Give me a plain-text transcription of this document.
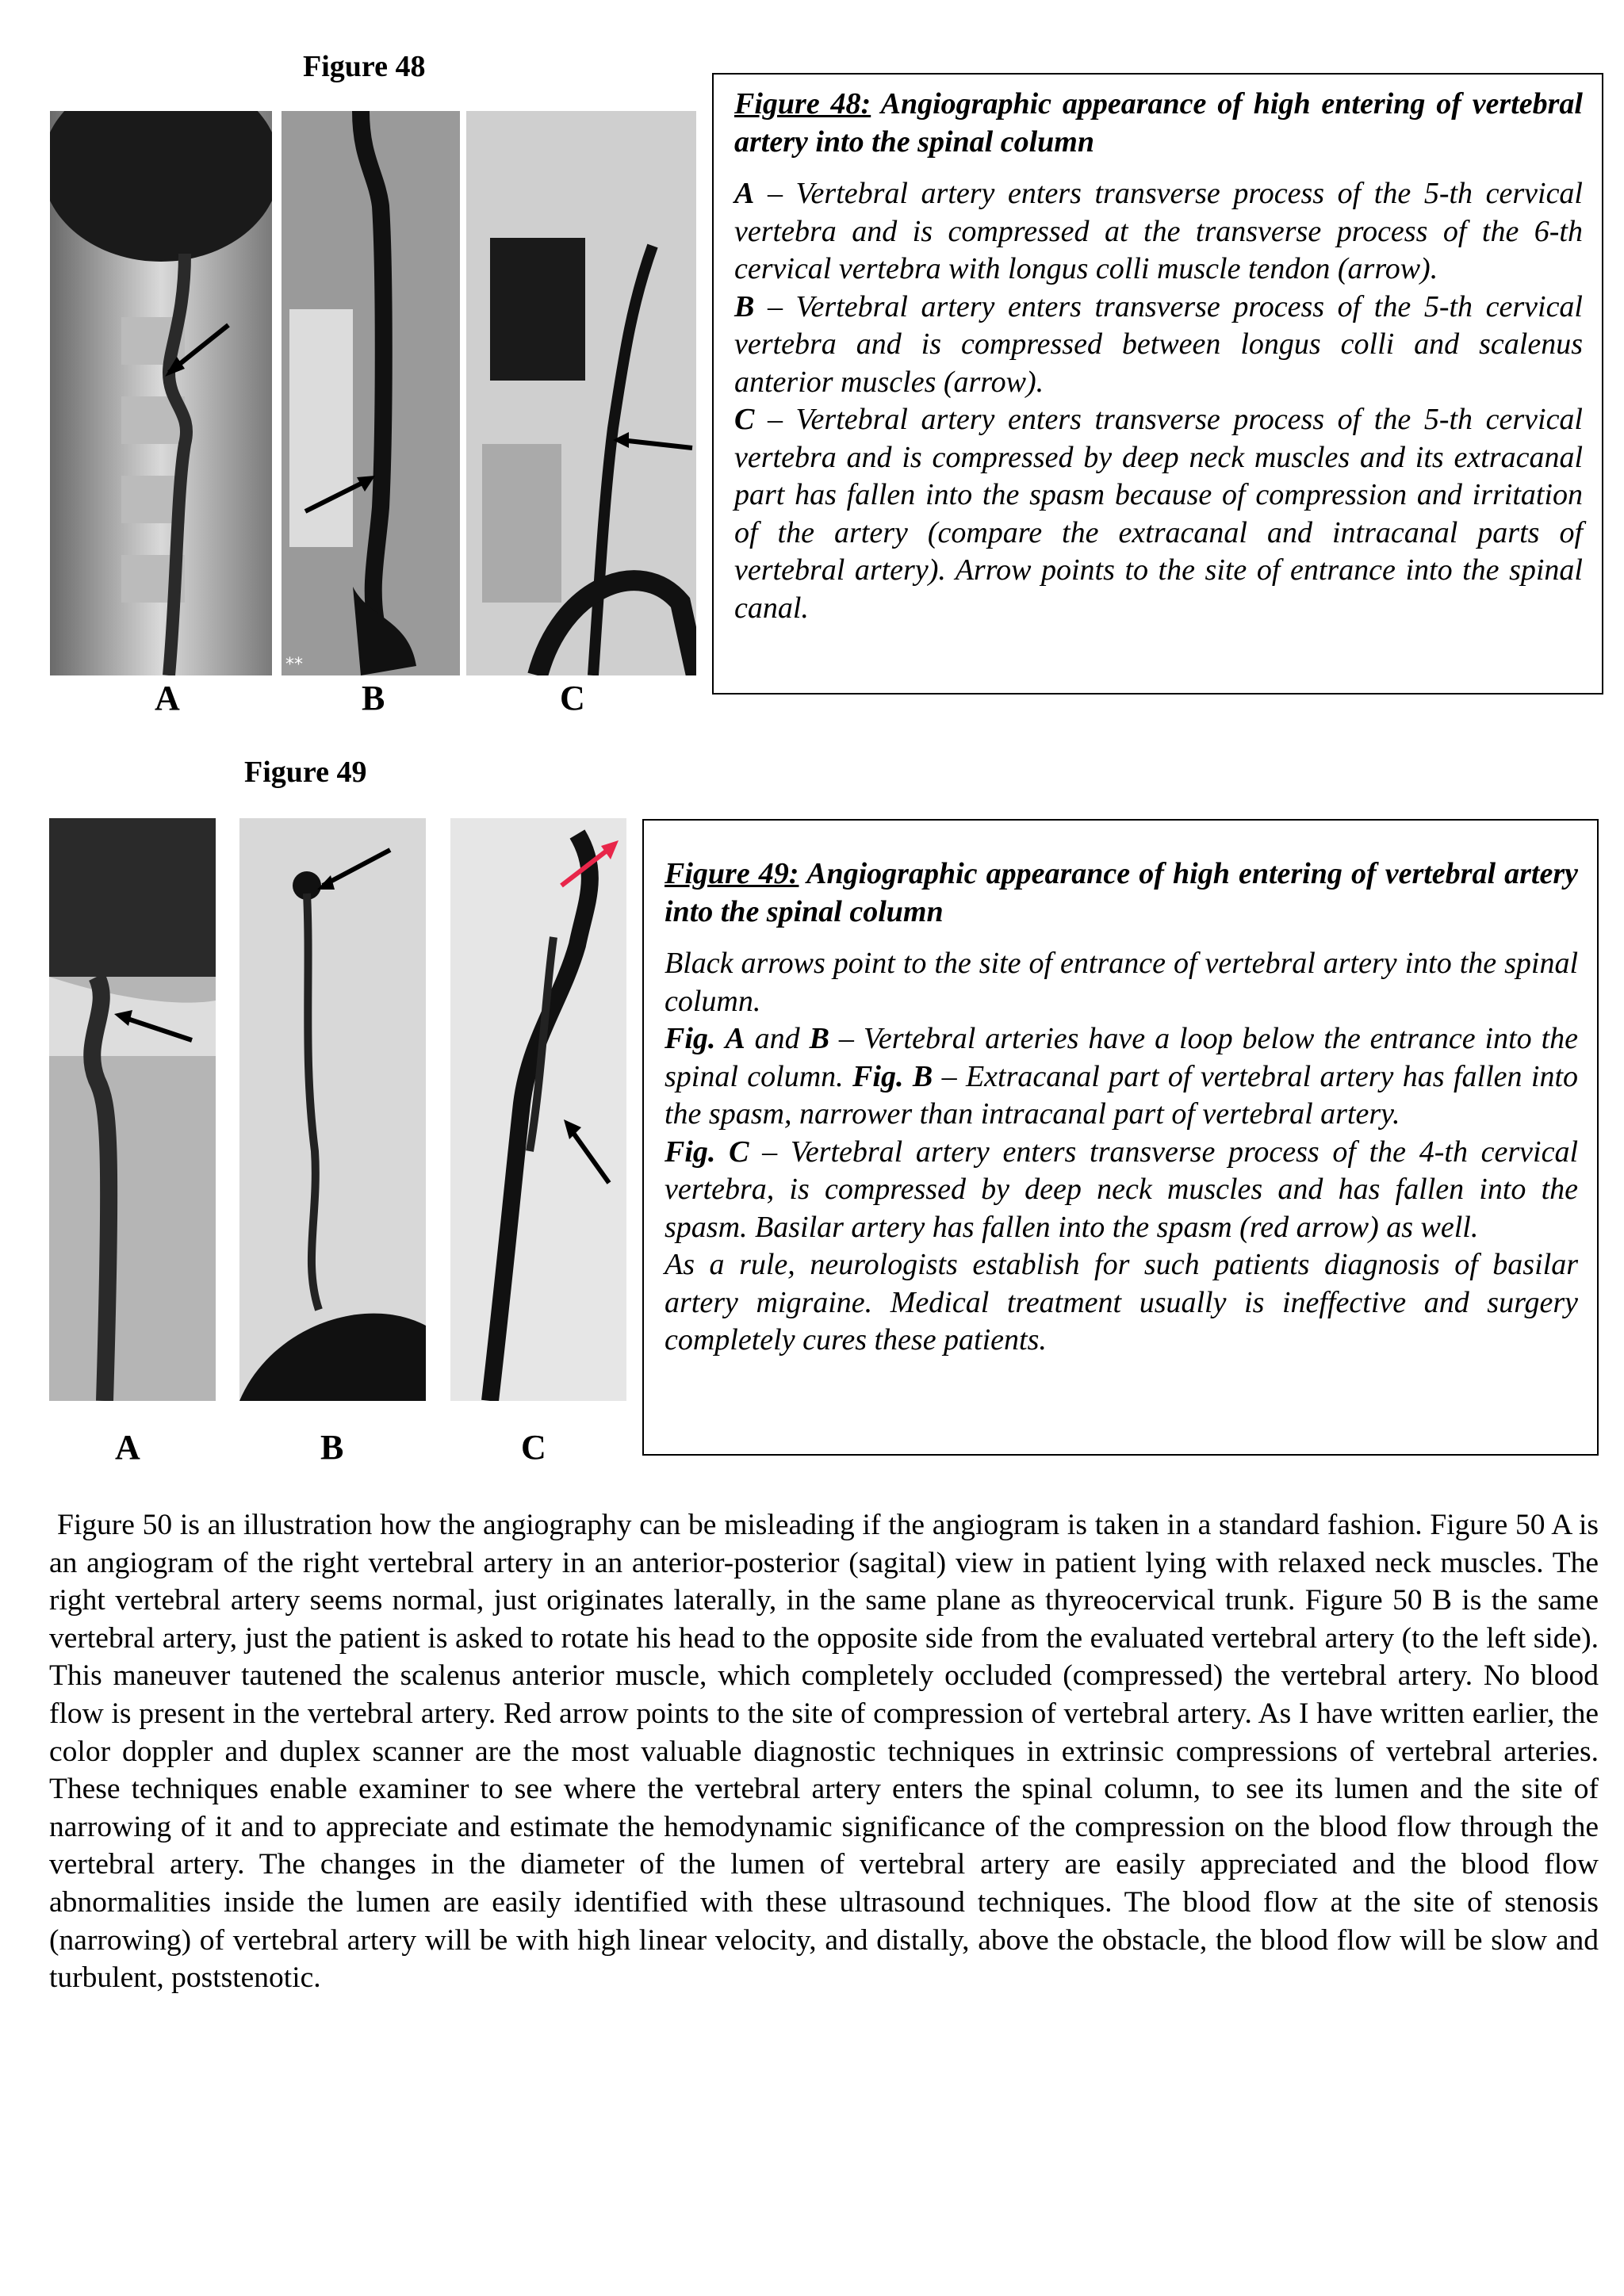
Figure 48
**
A	B	C

Figure 48: Angiographic appearance of high entering of vertebral artery into the spinal column

A – Vertebral artery enters transverse process of the 5-th cervical vertebra and is compressed at the transverse process of the 6-th cervical vertebra with longus colli muscle tendon (arrow).

B – Vertebral artery enters transverse process of the 5-th cervical vertebra and is compressed between longus colli and scalenus anterior muscles (arrow).

C – Vertebral artery enters transverse process of the 5-th cervical vertebra and is compressed by deep neck muscles and its extracanal part has fallen into the spasm because of compression and irritation of the artery (compare the extracanal and intracanal parts of vertebral artery). Arrow points to the site of entrance into the spinal canal.

Figure 49
A	B	C

Figure 49: Angiographic appearance of high entering of vertebral artery into the spinal column

Black arrows point to the site of entrance of vertebral artery into the spinal column.

Fig. A and B – Vertebral arteries have a loop below the entrance into the spinal column. Fig. B – Extracanal part of vertebral artery has fallen into the spasm, narrower than intracanal part of vertebral artery.

Fig. C – Vertebral artery enters transverse process of the 4-th cervical vertebra, is compressed by deep neck muscles and has fallen into the spasm. Basilar artery has fallen into the spasm (red arrow) as well.

As a rule, neurologists establish for such patients diagnosis of basilar artery migraine. Medical treatment usually is ineffective and surgery completely cures these patients.

Figure 50 is an illustration how the angiography can be misleading if the angiogram is taken in a standard fashion. Figure 50 A is an angiogram of the right vertebral artery in an anterior-posterior (sagital) view in patient lying with relaxed neck muscles. The right vertebral artery seems normal, just originates laterally, in the same plane as thyreocervical trunk. Figure 50 B is the same vertebral artery, just the patient is asked to rotate his head to the opposite side from the evaluated vertebral artery (to the left side). This maneuver tautened the scalenus anterior muscle, which completely occluded (compressed) the vertebral artery. No blood flow is present in the vertebral artery. Red arrow points to the site of compression of vertebral artery. As I have written earlier, the color doppler and duplex scanner are the most valuable diagnostic techniques in extrinsic compressions of vertebral arteries. These techniques enable examiner to see where the vertebral artery enters the spinal column, to see its lumen and the site of narrowing of it and to appreciate and estimate the hemodynamic significance of the compression on the blood flow through the vertebral artery. The changes in the diameter of the lumen of vertebral artery are easily appreciated and the blood flow abnormalities inside the lumen are easily identified with these ultrasound techniques. The blood flow at the site of stenosis (narrowing) of vertebral artery will be with high linear velocity, and distally, above the obstacle, the blood flow will be slow and turbulent, poststenotic.
